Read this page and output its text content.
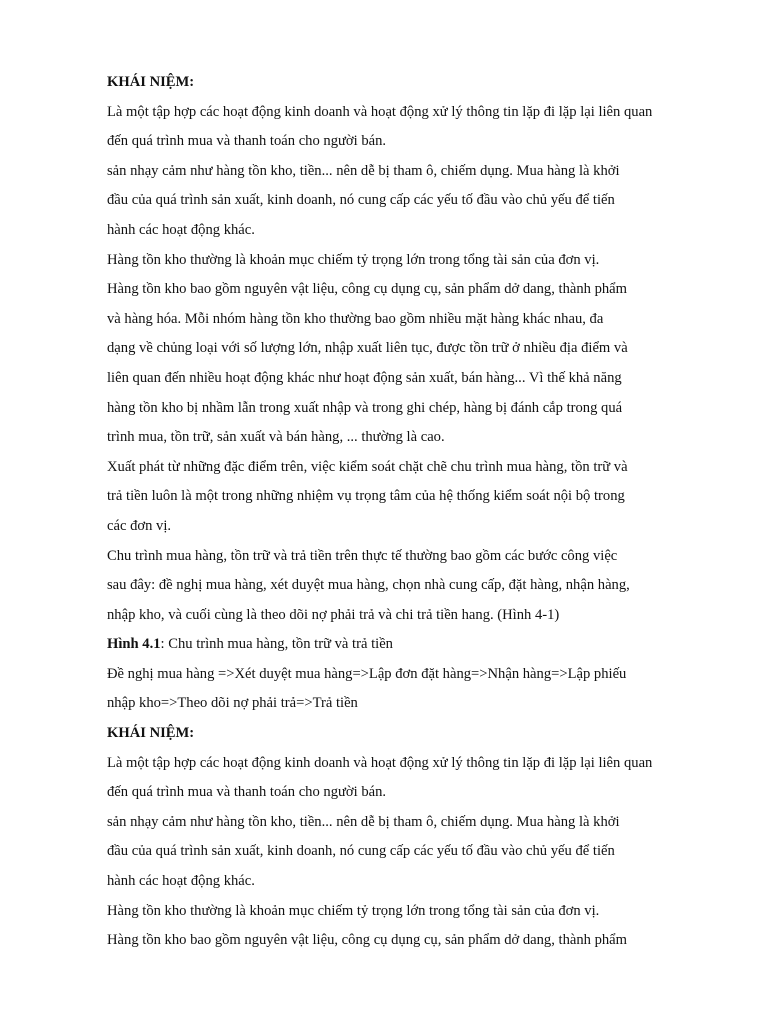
KHÁI NIỆM:
Là một tập hợp các hoạt động kinh doanh và hoạt động xử lý thông tin lặp đi lặp lại liên quan
đến quá trình mua và thanh toán cho người bán.
sản nhạy cảm như hàng tồn kho, tiền... nên dễ bị tham ô, chiếm dụng. Mua hàng là khởi
đầu của quá trình sản xuất, kinh doanh, nó cung cấp các yếu tố đầu vào chủ yếu để tiến
hành các hoạt động khác.
Hàng tồn kho thường là khoản mục chiếm tỷ trọng lớn trong tổng tài sản của đơn vị.
Hàng tồn kho bao gồm nguyên vật liệu, công cụ dụng cụ, sản phẩm dở dang, thành phẩm
và hàng hóa. Mỗi nhóm hàng tồn kho thường bao gồm nhiều mặt hàng khác nhau, đa
dạng về chủng loại với số lượng lớn, nhập xuất liên tục, được tồn trữ ở nhiều địa điểm và
liên quan đến nhiều hoạt động khác như hoạt động sản xuất, bán hàng... Vì thế khả năng
hàng tồn kho bị nhầm lẫn trong xuất nhập và trong ghi chép, hàng bị đánh cắp trong quá
trình mua, tồn trữ, sản xuất và bán hàng, ... thường là cao.
Xuất phát từ những đặc điểm trên, việc kiểm soát chặt chẽ chu trình mua hàng, tồn trữ và
trả tiền luôn là một trong những nhiệm vụ trọng tâm của hệ thống kiểm soát nội bộ trong
các đơn vị.
Chu trình mua hàng, tồn trữ và trả tiền trên thực tế thường bao gồm các bước công việc
sau đây: đề nghị mua hàng, xét duyệt mua hàng, chọn nhà cung cấp, đặt hàng, nhận hàng,
nhập kho, và cuối cùng là theo dõi nợ phải trả và chi trả tiền hang. (Hình 4-1)
Hình 4.1: Chu trình mua hàng, tồn trữ và trả tiền
Đề nghị mua hàng =>Xét duyệt mua hàng=>Lập đơn đặt hàng=>Nhận hàng=>Lập phiếu
nhập kho=>Theo dõi nợ phải trả=>Trả tiền
KHÁI NIỆM:
Là một tập hợp các hoạt động kinh doanh và hoạt động xử lý thông tin lặp đi lặp lại liên quan
đến quá trình mua và thanh toán cho người bán.
sản nhạy cảm như hàng tồn kho, tiền... nên dễ bị tham ô, chiếm dụng. Mua hàng là khởi
đầu của quá trình sản xuất, kinh doanh, nó cung cấp các yếu tố đầu vào chủ yếu để tiến
hành các hoạt động khác.
Hàng tồn kho thường là khoản mục chiếm tỷ trọng lớn trong tổng tài sản của đơn vị.
Hàng tồn kho bao gồm nguyên vật liệu, công cụ dụng cụ, sản phẩm dở dang, thành phẩm
